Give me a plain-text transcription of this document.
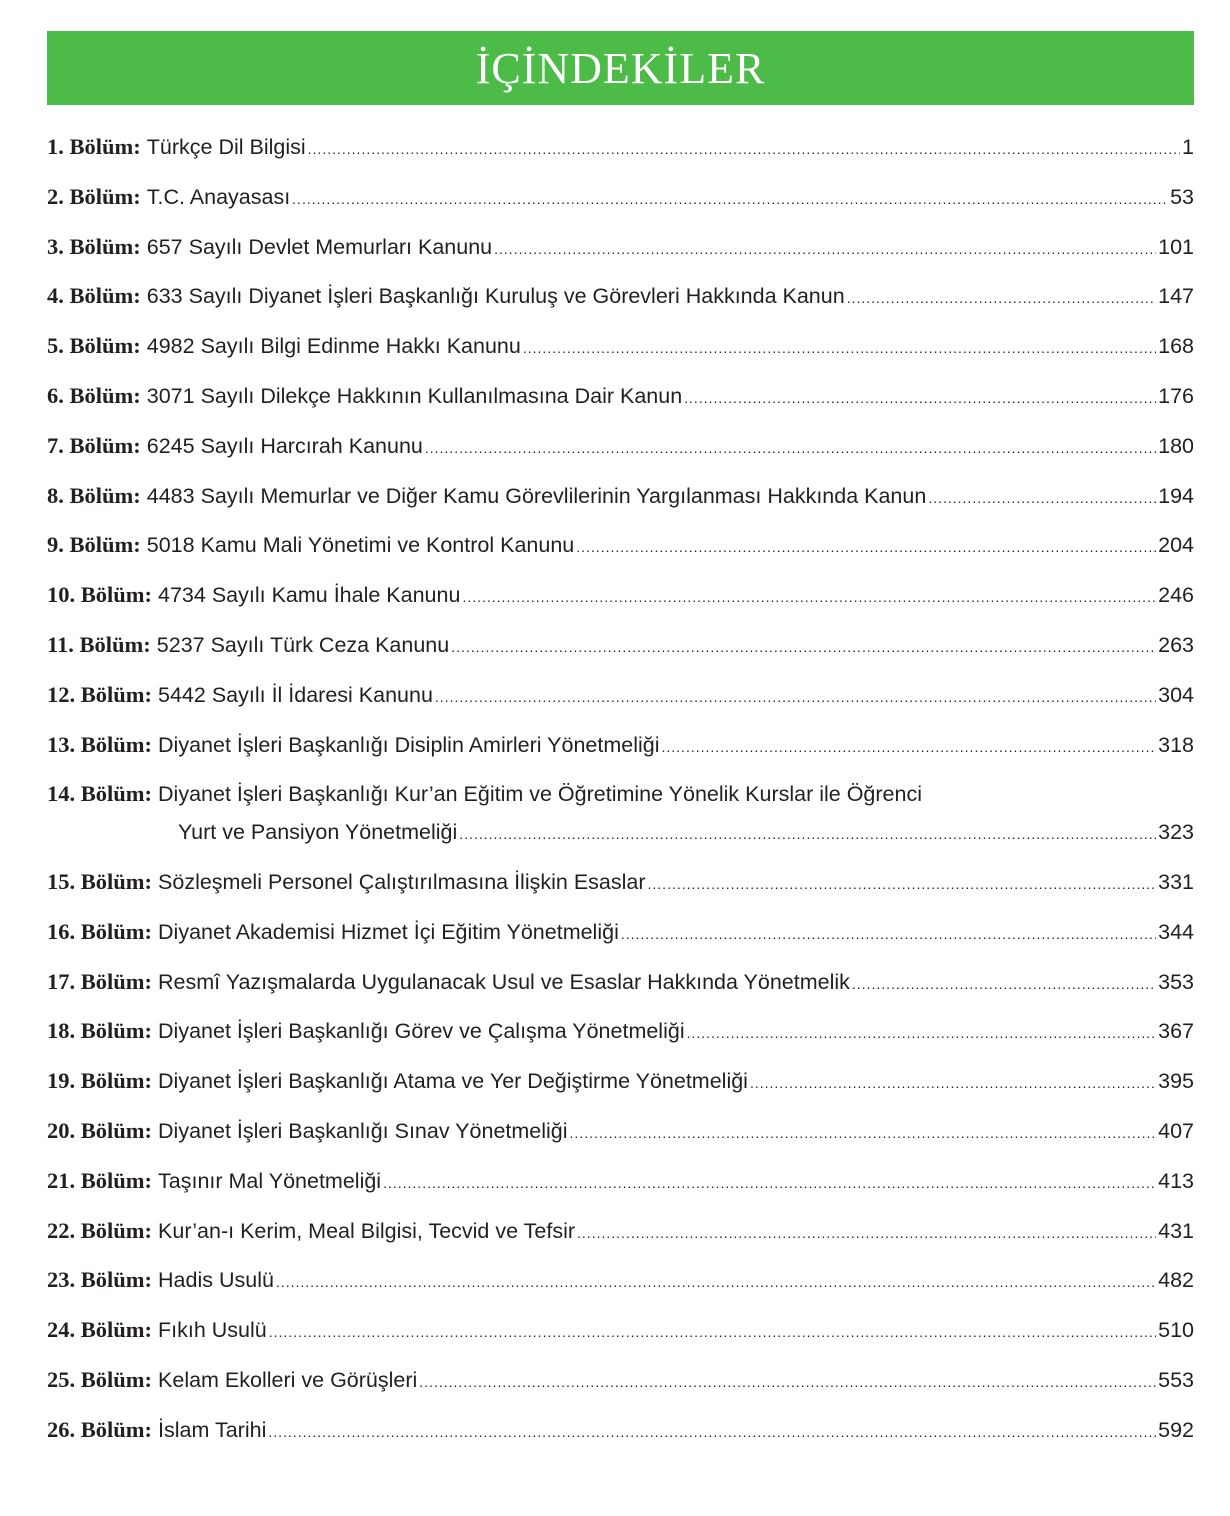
İÇİNDEKİLER
1. Bölüm: Türkçe Dil Bilgisi .....	1
2. Bölüm: T.C. Anayasası .....	53
3. Bölüm: 657 Sayılı Devlet Memurları Kanunu .....	101
4. Bölüm: 633 Sayılı Diyanet İşleri Başkanlığı Kuruluş ve Görevleri Hakkında Kanun .....	147
5. Bölüm: 4982 Sayılı Bilgi Edinme Hakkı Kanunu .....	168
6. Bölüm: 3071 Sayılı Dilekçe Hakkının Kullanılmasına Dair Kanun .....	176
7. Bölüm: 6245 Sayılı Harcırah Kanunu .....	180
8. Bölüm: 4483 Sayılı Memurlar ve Diğer Kamu Görevlilerinin Yargılanması Hakkında Kanun .....	194
9. Bölüm: 5018 Kamu Mali Yönetimi ve Kontrol Kanunu .....	204
10. Bölüm: 4734 Sayılı Kamu İhale Kanunu .....	246
11. Bölüm: 5237 Sayılı Türk Ceza Kanunu .....	263
12. Bölüm: 5442 Sayılı İl İdaresi Kanunu .....	304
13. Bölüm: Diyanet İşleri Başkanlığı Disiplin Amirleri Yönetmeliği .....	318
14. Bölüm: Diyanet İşleri Başkanlığı Kur’an Eğitim ve Öğretimine Yönelik Kurslar ile Öğrenci
Yurt ve Pansiyon Yönetmeliği .....	323
15. Bölüm: Sözleşmeli Personel Çalıştırılmasına İlişkin Esaslar .....	331
16. Bölüm: Diyanet Akademisi Hizmet İçi Eğitim Yönetmeliği .....	344
17. Bölüm: Resmî Yazışmalarda Uygulanacak Usul ve Esaslar Hakkında Yönetmelik .....	353
18. Bölüm: Diyanet İşleri Başkanlığı Görev ve Çalışma Yönetmeliği .....	367
19. Bölüm: Diyanet İşleri Başkanlığı Atama ve Yer Değiştirme Yönetmeliği .....	395
20. Bölüm: Diyanet İşleri Başkanlığı Sınav Yönetmeliği .....	407
21. Bölüm: Taşınır Mal Yönetmeliği .....	413
22. Bölüm: Kur’an-ı Kerim, Meal Bilgisi, Tecvid ve Tefsir .....	431
23. Bölüm: Hadis Usulü .....	482
24. Bölüm: Fıkıh Usulü .....	510
25. Bölüm: Kelam Ekolleri ve Görüşleri .....	553
26. Bölüm: İslam Tarihi .....	592
